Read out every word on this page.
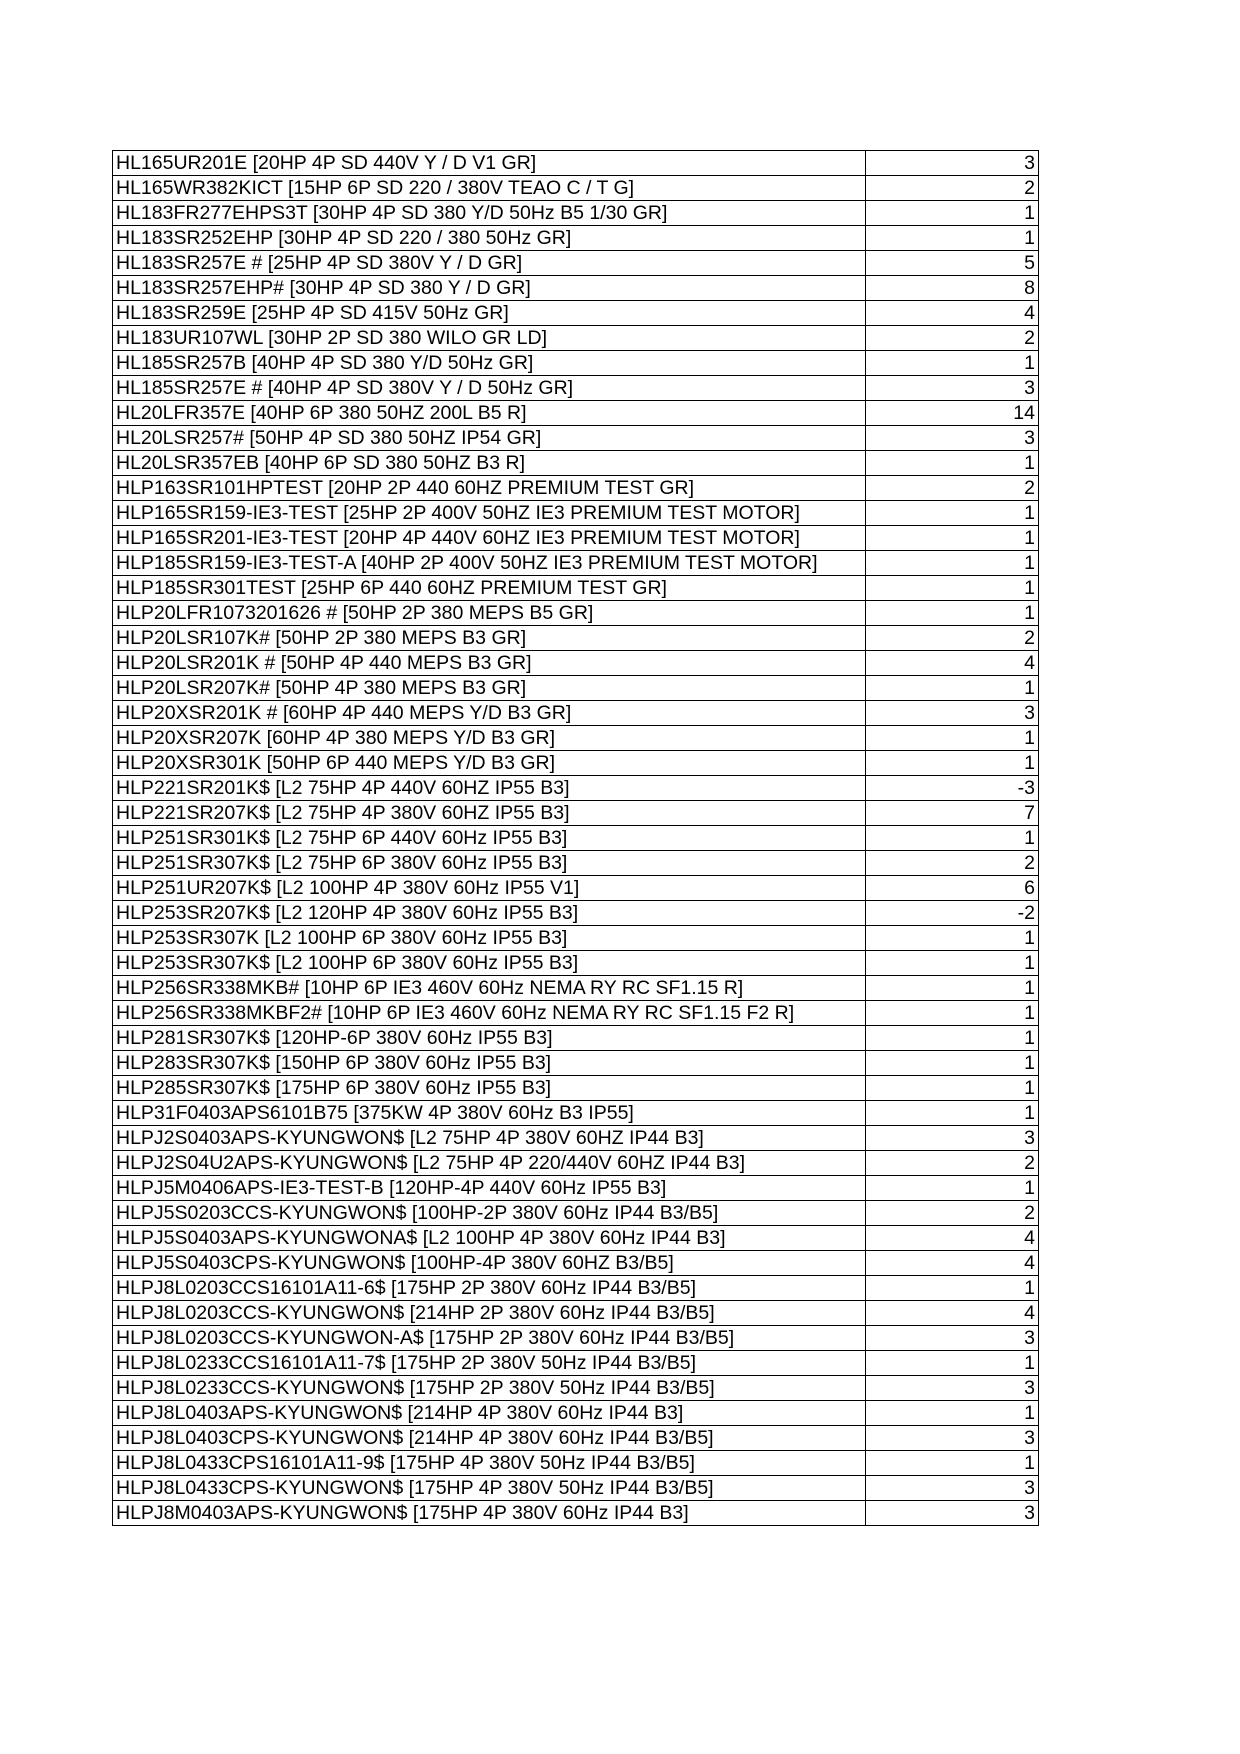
HL165UR201E [20HP 4P SD 440V Y / D V1 GR]	3
HL165WR382KICT [15HP 6P SD 220 / 380V TEAO C / T G]	2
HL183FR277EHPS3T [30HP 4P SD 380 Y/D 50Hz B5 1/30 GR]	1
HL183SR252EHP [30HP 4P SD 220 / 380 50Hz GR]	1
HL183SR257E # [25HP 4P SD 380V Y / D GR]	5
HL183SR257EHP# [30HP 4P SD 380 Y / D GR]	8
HL183SR259E [25HP 4P SD 415V 50Hz GR]	4
HL183UR107WL [30HP 2P SD 380 WILO GR LD]	2
HL185SR257B [40HP 4P SD 380 Y/D 50Hz GR]	1
HL185SR257E # [40HP 4P SD 380V Y / D 50Hz GR]	3
HL20LFR357E [40HP 6P 380 50HZ 200L B5 R]	14
HL20LSR257# [50HP 4P SD 380 50HZ IP54 GR]	3
HL20LSR357EB [40HP 6P SD 380 50HZ B3 R]	1
HLP163SR101HPTEST [20HP 2P 440 60HZ PREMIUM TEST GR]	2
HLP165SR159-IE3-TEST [25HP 2P 400V 50HZ IE3 PREMIUM TEST MOTOR]	1
HLP165SR201-IE3-TEST [20HP 4P 440V 60HZ IE3 PREMIUM TEST MOTOR]	1
HLP185SR159-IE3-TEST-A [40HP 2P 400V 50HZ IE3 PREMIUM TEST MOTOR]	1
HLP185SR301TEST [25HP 6P 440 60HZ PREMIUM TEST GR]	1
HLP20LFR1073201626 # [50HP 2P 380 MEPS B5 GR]	1
HLP20LSR107K# [50HP 2P 380 MEPS B3 GR]	2
HLP20LSR201K # [50HP 4P 440 MEPS B3 GR]	4
HLP20LSR207K# [50HP 4P 380 MEPS B3 GR]	1
HLP20XSR201K # [60HP 4P 440 MEPS Y/D B3 GR]	3
HLP20XSR207K [60HP 4P 380 MEPS Y/D B3 GR]	1
HLP20XSR301K [50HP 6P 440 MEPS Y/D B3 GR]	1
HLP221SR201K$ [L2 75HP 4P 440V 60HZ IP55 B3]	-3
HLP221SR207K$ [L2 75HP 4P 380V 60HZ IP55 B3]	7
HLP251SR301K$ [L2 75HP 6P 440V 60Hz IP55 B3]	1
HLP251SR307K$ [L2 75HP 6P 380V 60Hz IP55 B3]	2
HLP251UR207K$ [L2 100HP 4P 380V 60Hz IP55 V1]	6
HLP253SR207K$ [L2 120HP 4P 380V 60Hz IP55 B3]	-2
HLP253SR307K [L2 100HP 6P 380V 60Hz IP55 B3]	1
HLP253SR307K$ [L2 100HP 6P 380V 60Hz IP55 B3]	1
HLP256SR338MKB# [10HP 6P IE3 460V 60Hz NEMA RY RC SF1.15 R]	1
HLP256SR338MKBF2# [10HP 6P IE3 460V 60Hz NEMA RY RC SF1.15 F2 R]	1
HLP281SR307K$ [120HP-6P 380V 60Hz IP55 B3]	1
HLP283SR307K$ [150HP 6P 380V 60Hz IP55 B3]	1
HLP285SR307K$ [175HP 6P 380V 60Hz IP55 B3]	1
HLP31F0403APS6101B75 [375KW 4P 380V 60Hz B3 IP55]	1
HLPJ2S0403APS-KYUNGWON$ [L2 75HP 4P 380V 60HZ IP44 B3]	3
HLPJ2S04U2APS-KYUNGWON$ [L2 75HP 4P 220/440V 60HZ IP44 B3]	2
HLPJ5M0406APS-IE3-TEST-B [120HP-4P 440V 60Hz IP55 B3]	1
HLPJ5S0203CCS-KYUNGWON$ [100HP-2P 380V 60Hz IP44 B3/B5]	2
HLPJ5S0403APS-KYUNGWONA$ [L2 100HP 4P 380V 60Hz IP44 B3]	4
HLPJ5S0403CPS-KYUNGWON$ [100HP-4P 380V 60HZ B3/B5]	4
HLPJ8L0203CCS16101A11-6$ [175HP 2P 380V 60Hz IP44 B3/B5]	1
HLPJ8L0203CCS-KYUNGWON$ [214HP 2P 380V 60Hz IP44 B3/B5]	4
HLPJ8L0203CCS-KYUNGWON-A$ [175HP 2P 380V 60Hz IP44 B3/B5]	3
HLPJ8L0233CCS16101A11-7$ [175HP 2P 380V 50Hz IP44 B3/B5]	1
HLPJ8L0233CCS-KYUNGWON$ [175HP 2P 380V 50Hz IP44 B3/B5]	3
HLPJ8L0403APS-KYUNGWON$ [214HP 4P 380V 60Hz IP44 B3]	1
HLPJ8L0403CPS-KYUNGWON$ [214HP 4P 380V 60Hz IP44 B3/B5]	3
HLPJ8L0433CPS16101A11-9$ [175HP 4P 380V 50Hz IP44 B3/B5]	1
HLPJ8L0433CPS-KYUNGWON$ [175HP 4P 380V 50Hz IP44 B3/B5]	3
HLPJ8M0403APS-KYUNGWON$ [175HP 4P 380V 60Hz IP44 B3]	3
